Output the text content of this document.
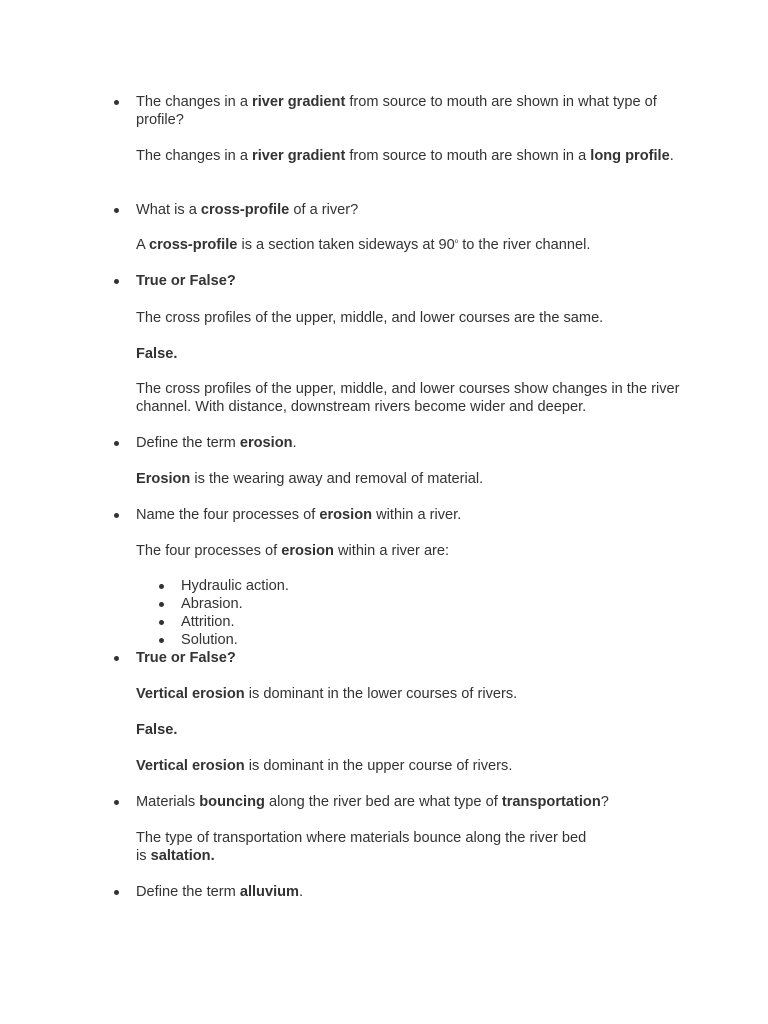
The changes in a river gradient from source to mouth are shown in what type of profile?

The changes in a river gradient from source to mouth are shown in a long profile.

What is a cross-profile of a river?

A cross-profile is a section taken sideways at 90$^o$ to the river channel.

True or False?

The cross profiles of the upper, middle, and lower courses are the same.

False.

The cross profiles of the upper, middle, and lower courses show changes in the river channel. With distance, downstream rivers become wider and deeper.

Define the term erosion.

Erosion is the wearing away and removal of material.

Name the four processes of erosion within a river.

The four processes of erosion within a river are:

Hydraulic action.
Abrasion.
Attrition.
Solution.
True or False?

Vertical erosion is dominant in the lower courses of rivers.

False.

Vertical erosion is dominant in the upper course of rivers.

Materials bouncing along the river bed are what type of transportation?

The type of transportation where materials bounce along the river bed
is saltation.

Define the term alluvium.
